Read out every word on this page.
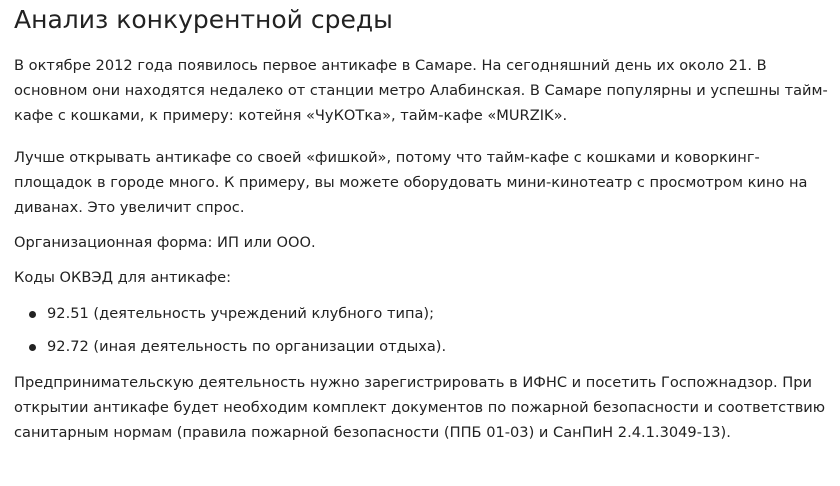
Анализ конкурентной среды

В октябре 2012 года появилось первое антикафе в Самаре. На сегодняшний день их около 21. В основном они находятся недалеко от станции метро Алабинская. В Самаре популярны и успешны тайм-кафе с кошками, к примеру: котейня «ЧуКОТка», тайм-кафе «MURZIK».

Лучше открывать антикафе со своей «фишкой», потому что тайм-кафе с кошками и коворкинг-площадок в городе много. К примеру, вы можете оборудовать мини-кинотеатр с просмотром кино на диванах. Это увеличит спрос.

Организационная форма: ИП или ООО.

Коды ОКВЭД для антикафе:

92.51 (деятельность учреждений клубного типа);
92.72 (иная деятельность по организации отдыха).

Предпринимательскую деятельность нужно зарегистрировать в ИФНС и посетить Госпожнадзор. При открытии антикафе будет необходим комплект документов по пожарной безопасности и соответствию санитарным нормам (правила пожарной безопасности (ППБ 01-03) и СанПиН 2.4.1.3049-13).
